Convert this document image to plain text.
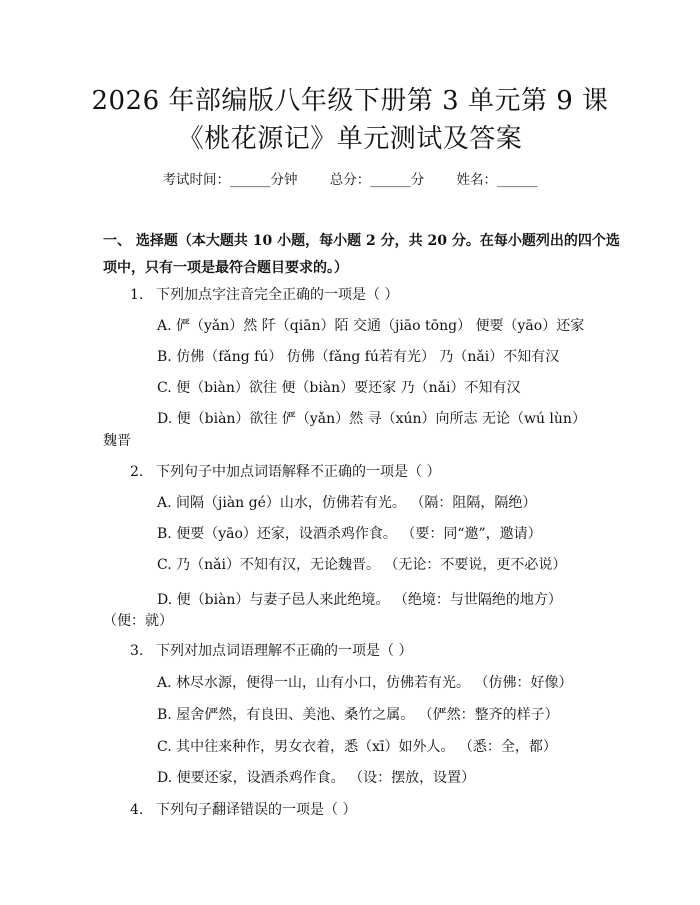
2026 年部编版八年级下册第 3 单元第 9 课
《桃花源记》单元测试及答案
考试时间：______分钟 总分：______分 姓名：______
一、 选择题（本大题共 10 小题，每小题 2 分，共 20 分。在每小题列出的四个选项中，只有一项是最符合题目要求的。）
1. 下列加点字注音完全正确的一项是（ ）
A. 俨（yǎn）然 阡（qiān）陌 交通（jiāo tōng） 便要（yāo）还家
B. 仿佛（fǎng fú） 仿佛（fǎng fú若有光） 乃（nǎi）不知有汉
C. 便（biàn）欲往 便（biàn）要还家 乃（nǎi）不知有汉
D. 便（biàn）欲往 俨（yǎn）然 寻（xún）向所志 无论（wú lùn）
魏晋
2. 下列句子中加点词语解释不正确的一项是（ ）
A. 间隔（jiàn gé）山水，仿佛若有光。 （隔：阻隔，隔绝）
B. 便要（yāo）还家，设酒杀鸡作食。 （要：同“邀”，邀请）
C. 乃（nǎi）不知有汉，无论魏晋。 （无论：不要说，更不必说）
D. 便（biàn）与妻子邑人来此绝境。 （绝境：与世隔绝的地方）
（便：就）
3. 下列对加点词语理解不正确的一项是（ ）
A. 林尽水源，便得一山，山有小口，仿佛若有光。 （仿佛：好像）
B. 屋舍俨然，有良田、美池、桑竹之属。 （俨然：整齐的样子）
C. 其中往来种作，男女衣着，悉（xī）如外人。 （悉：全，都）
D. 便要还家，设酒杀鸡作食。 （设：摆放，设置）
4. 下列句子翻译错误的一项是（ ）
